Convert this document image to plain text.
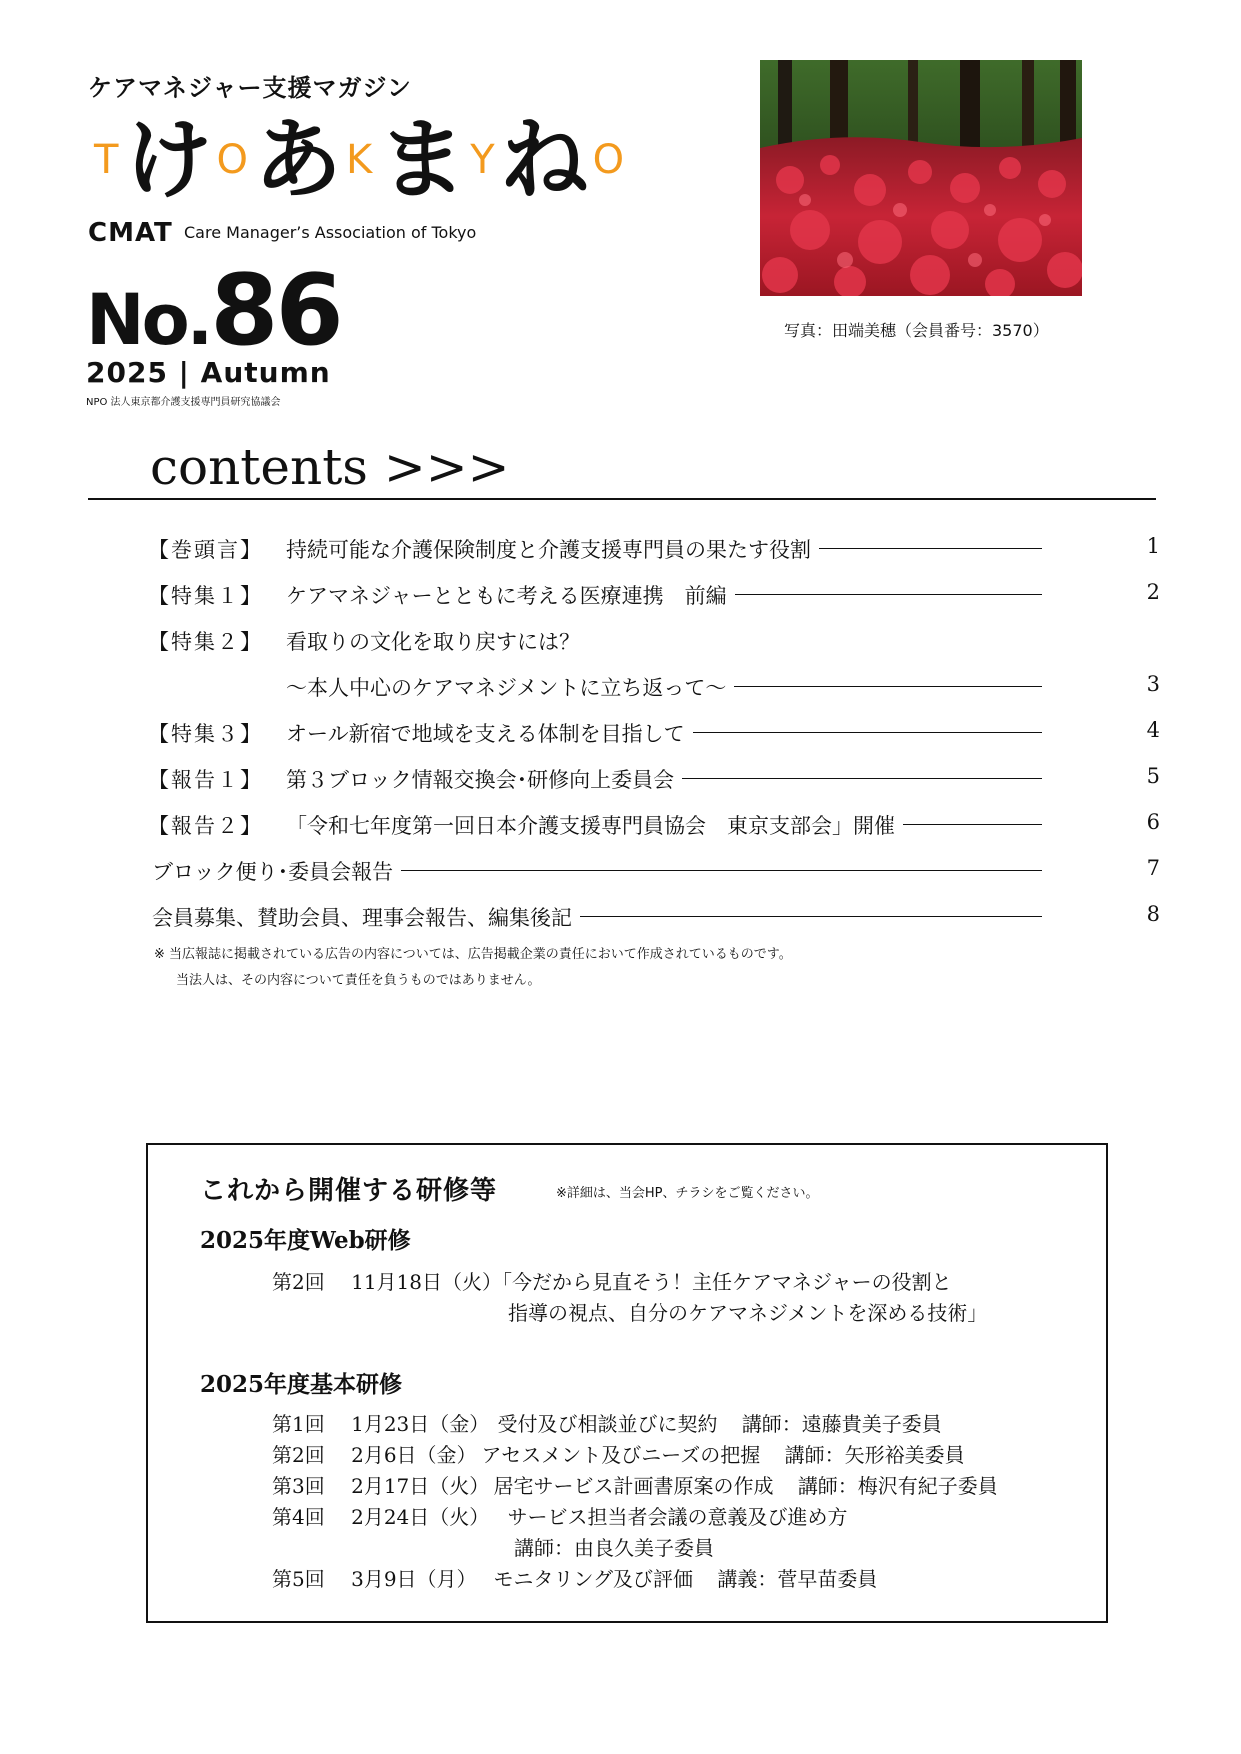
ケアマネジャー支援マガジン
T け O あ K ま Y ね O
CMAT Care Manager’s Association of Tokyo
No.86
2025 | Autumn
NPO 法人東京都介護支援専門員研究協議会
写真：田端美穗（会員番号：3570）
contents >>>
【巻頭言】 持続可能な介護保険制度と介護支援専門員の果たす役割	1
【特集１】 ケアマネジャーとともに考える医療連携　前編	2
【特集２】 看取りの文化を取り戻すには？
〜本人中心のケアマネジメントに立ち返って〜	3
【特集３】 オール新宿で地域を支える体制を目指して	4
【報告１】 第３ブロック情報交換会･研修向上委員会	5
【報告２】 「令和七年度第一回日本介護支援専門員協会　東京支部会」開催	6
ブロック便り･委員会報告	7
会員募集、賛助会員、理事会報告、編集後記	8
※ 当広報誌に掲載されている広告の内容については、広告掲載企業の責任において作成されているものです。
当法人は、その内容について責任を負うものではありません。
これから開催する研修等	※詳細は、当会HP、チラシをご覧ください。
2025年度Web研修
第2回 11月18日（火）「今だから見直そう！主任ケアマネジャーの役割と
指導の視点、自分のケアマネジメントを深める技術」
2025年度基本研修
第1回 1月23日（金） 受付及び相談並びに契約 講師：遠藤貴美子委員
第2回 2月6日（金） アセスメント及びニーズの把握 講師：矢形裕美委員
第3回 2月17日（火） 居宅サービス計画書原案の作成 講師：梅沢有紀子委員
第4回 2月24日（火） サービス担当者会議の意義及び進め方
講師：由良久美子委員
第5回 3月9日（月） モニタリング及び評価 講義：菅早苗委員
